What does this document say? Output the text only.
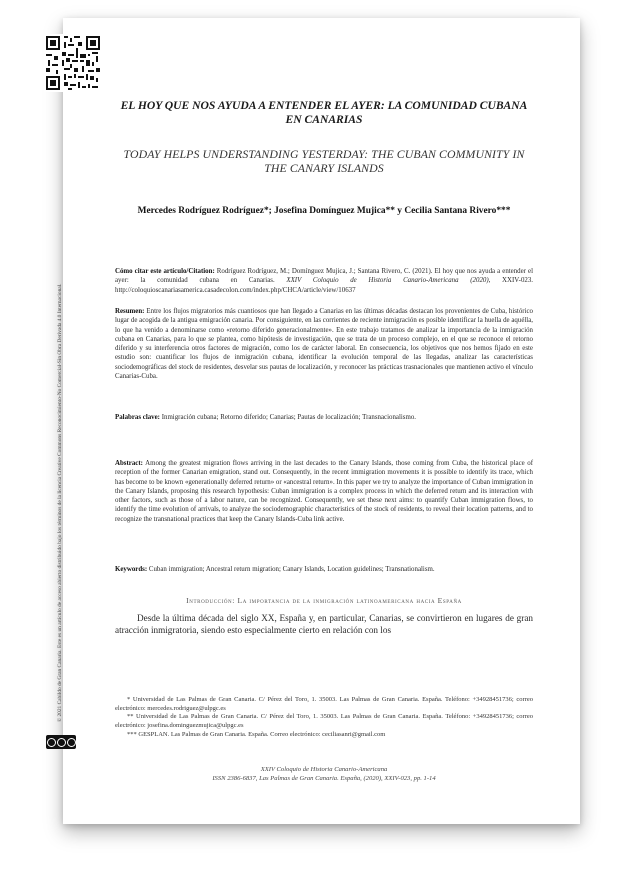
© 2021 Cabildo de Gran Canaria. Este es un artículo de acceso abierto distribuido bajo los términos de la licencia Creative Commons Reconocimiento-No Comercial-Sin Obra Derivada 4.0 Internacional.
EL HOY QUE NOS AYUDA A ENTENDER EL AYER: LA COMUNIDAD CUBANA EN CANARIAS
TODAY HELPS UNDERSTANDING YESTERDAY: THE CUBAN COMMUNITY IN THE CANARY ISLANDS
Mercedes Rodríguez Rodríguez*; Josefina Domínguez Mujica** y Cecilia Santana Rivero***
Cómo citar este artículo/Citation: Rodríguez Rodríguez, M.; Domínguez Mujica, J.; Santana Rivero, C. (2021). El hoy que nos ayuda a entender el ayer: la comunidad cubana en Canarias. XXIV Coloquio de Historia Canario-Americana (2020), XXIV-023. http://coloquioscanariasamerica.casadecolon.com/index.php/CHCA/article/view/10637
Resumen: Entre los flujos migratorios más cuantiosos que han llegado a Canarias en las últimas décadas destacan los provenientes de Cuba, histórico lugar de acogida de la antigua emigración canaria. Por consiguiente, en las corrientes de reciente inmigración es posible identificar la huella de aquélla, lo que ha venido a denominarse como «retorno diferido generacionalmente». En este trabajo tratamos de analizar la importancia de la inmigración cubana en Canarias, para lo que se plantea, como hipótesis de investigación, que se trata de un proceso complejo, en el que se reconoce el retorno diferido y su interferencia otros factores de migración, como los de carácter laboral. En consecuencia, los objetivos que nos hemos fijado en este estudio son: cuantificar los flujos de inmigración cubana, identificar la evolución temporal de las llegadas, analizar las características sociodemográficas del stock de residentes, desvelar sus pautas de localización, y reconocer las prácticas trasnacionales que mantienen activo el vínculo Canarias-Cuba.
Palabras clave: Inmigración cubana; Retorno diferido; Canarias; Pautas de localización; Transnacionalismo.
Abstract: Among the greatest migration flows arriving in the last decades to the Canary Islands, those coming from Cuba, the historical place of reception of the former Canarian emigration, stand out. Consequently, in the recent immigration movements it is possible to identify its trace, which has become to be known «generationally deferred return» or «ancestral return». In this paper we try to analyze the importance of Cuban immigration in the Canary Islands, proposing this research hypothesis: Cuban immigration is a complex process in which the deferred return and its interaction with other factors, such as those of a labor nature, can be recognized. Consequently, we set these next aims: to quantify Cuban immigration flows, to identify the time evolution of arrivals, to analyze the sociodemographic characteristics of the stock of residents, to reveal their location patterns, and to recognize the transnational practices that keep the Canary Islands-Cuba link active.
Keywords: Cuban immigration; Ancestral return migration; Canary Islands, Location guidelines; Transnationalism.
Introducción: La importancia de la inmigración latinoamericana hacia España
Desde la última década del siglo XX, España y, en particular, Canarias, se convirtieron en lugares de gran atracción inmigratoria, siendo esto especialmente cierto en relación con los

* Universidad de Las Palmas de Gran Canaria. C/ Pérez del Toro, 1. 35003. Las Palmas de Gran Canaria. España. Teléfono: +34928451736; correo electrónico: mercedes.rodriguez@ulpgc.es

** Universidad de Las Palmas de Gran Canaria. C/ Pérez del Toro, 1. 35003. Las Palmas de Gran Canaria. España. Teléfono: +34928451736; correo electrónico: josefina.dominguezmujica@ulpgc.es

*** GESPLAN. Las Palmas de Gran Canaria. España. Correo electrónico: ceciliasanri@gmail.com

XXIV Coloquio de Historia Canario-Americana
ISSN 2386-6837, Las Palmas de Gran Canaria. España, (2020), XXIV-023, pp. 1-14
